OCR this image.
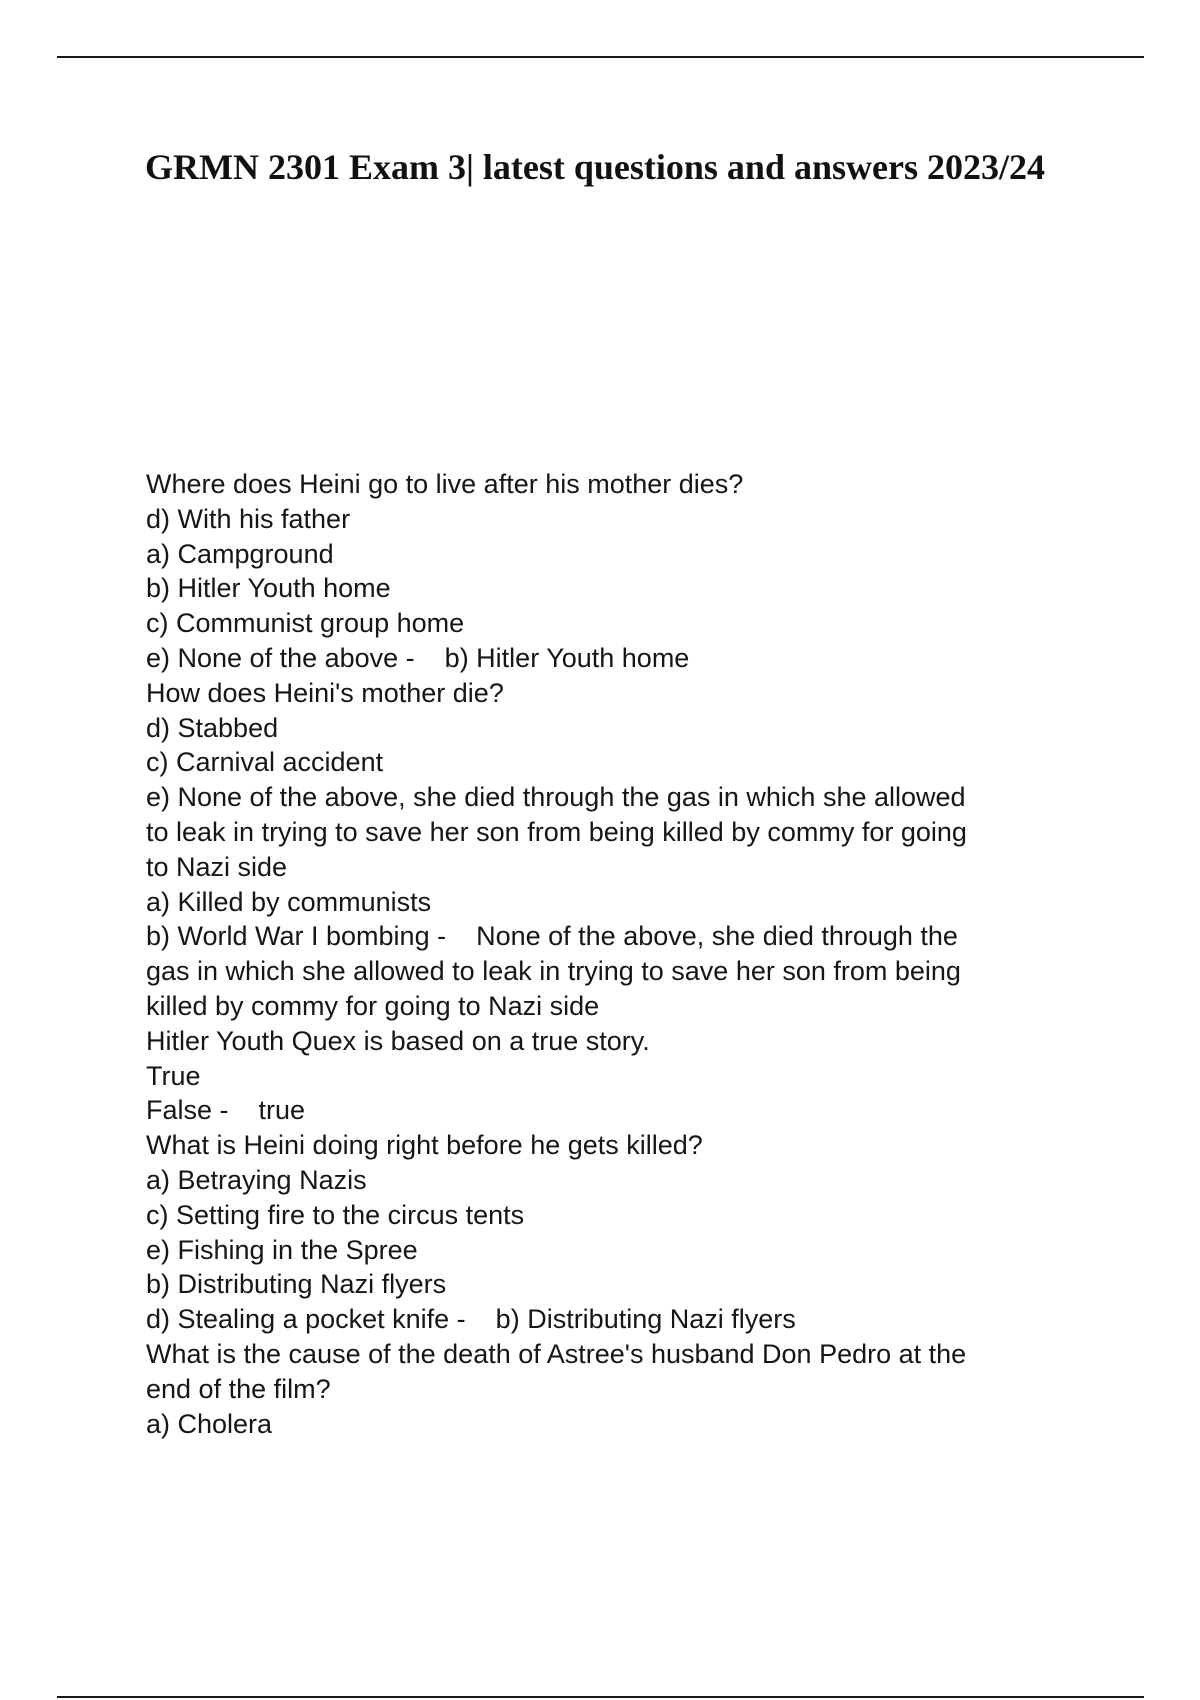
GRMN 2301 Exam 3| latest questions and answers 2023/24

Where does Heini go to live after his mother dies?

d) With his father

a) Campground

b) Hitler Youth home

c) Communist group home

e) None of the above -    b) Hitler Youth home

How does Heini's mother die?

d) Stabbed

c) Carnival accident

e) None of the above, she died through the gas in which she allowed

to leak in trying to save her son from being killed by commy for going

to Nazi side

a) Killed by communists

b) World War I bombing -    None of the above, she died through the

gas in which she allowed to leak in trying to save her son from being

killed by commy for going to Nazi side

Hitler Youth Quex is based on a true story.

True

False -    true

What is Heini doing right before he gets killed?

a) Betraying Nazis

c) Setting fire to the circus tents

e) Fishing in the Spree

b) Distributing Nazi flyers

d) Stealing a pocket knife -    b) Distributing Nazi flyers

What is the cause of the death of Astree's husband Don Pedro at the

end of the film?

a) Cholera
